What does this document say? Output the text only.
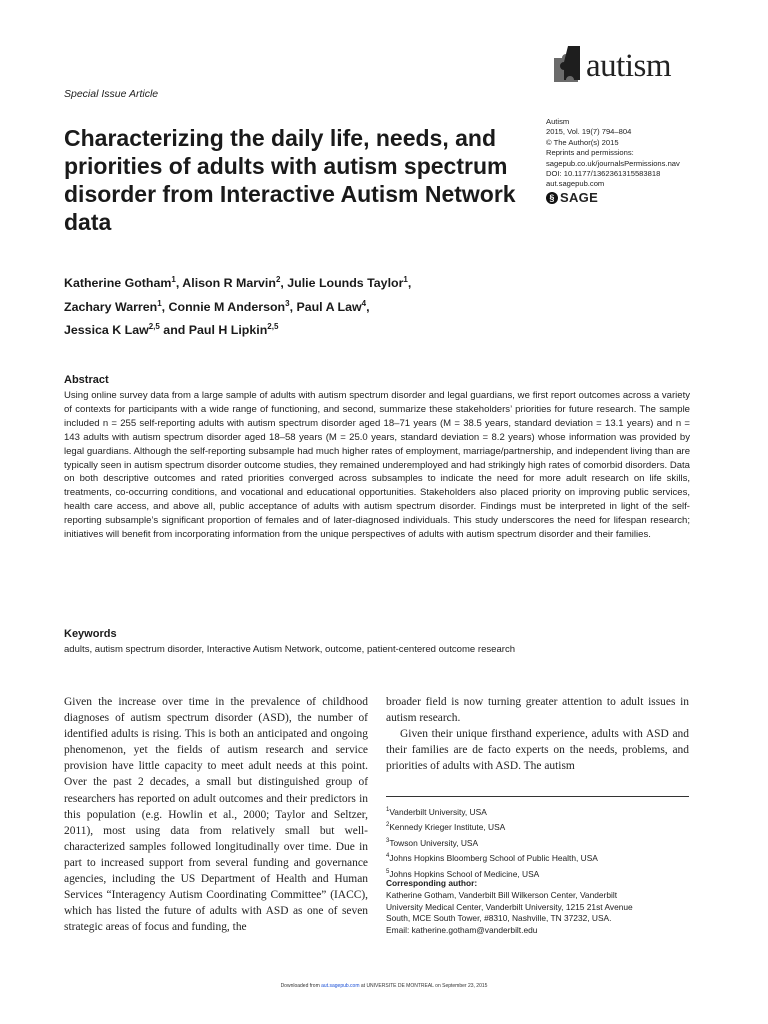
Special Issue Article
autism
Characterizing the daily life, needs, and priorities of adults with autism spectrum disorder from Interactive Autism Network data
Autism
2015, Vol. 19(7) 794–804
© The Author(s) 2015
Reprints and permissions:
sagepub.co.uk/journalsPermissions.nav
DOI: 10.1177/1362361315583818
aut.sagepub.com
§ SAGE
Katherine Gotham$^1$, Alison R Marvin$^2$, Julie Lounds Taylor$^1$,
Zachary Warren$^1$, Connie M Anderson$^3$, Paul A Law$^4$,
Jessica K Law$^{2,5}$ and Paul H Lipkin$^{2,5}$
Abstract
Using online survey data from a large sample of adults with autism spectrum disorder and legal guardians, we first report outcomes across a variety of contexts for participants with a wide range of functioning, and second, summarize these stakeholders’ priorities for future research. The sample included n = 255 self-reporting adults with autism spectrum disorder aged 18–71 years (M = 38.5 years, standard deviation = 13.1 years) and n = 143 adults with autism spectrum disorder aged 18–58 years (M = 25.0 years, standard deviation = 8.2 years) whose information was provided by legal guardians. Although the self-reporting subsample had much higher rates of employment, marriage/partnership, and independent living than are typically seen in autism spectrum disorder outcome studies, they remained underemployed and had strikingly high rates of comorbid disorders. Data on both descriptive outcomes and rated priorities converged across subsamples to indicate the need for more adult research on life skills, treatments, co-occurring conditions, and vocational and educational opportunities. Stakeholders also placed priority on improving public services, health care access, and above all, public acceptance of adults with autism spectrum disorder. Findings must be interpreted in light of the self-reporting subsample’s significant proportion of females and of later-diagnosed individuals. This study underscores the need for lifespan research; initiatives will benefit from incorporating information from the unique perspectives of adults with autism spectrum disorder and their families.
Keywords
adults, autism spectrum disorder, Interactive Autism Network, outcome, patient-centered outcome research

Given the increase over time in the prevalence of childhood diagnoses of autism spectrum disorder (ASD), the number of identified adults is rising. This is both an anticipated and ongoing phenomenon, yet the fields of autism research and service provision have little capacity to meet adult needs at this point. Over the past 2 decades, a small but distinguished group of researchers has reported on adult outcomes and their predictors in this population (e.g. Howlin et al., 2000; Taylor and Seltzer, 2011), most using data from relatively small but well-characterized samples followed longitudinally over time. Due in part to increased support from several funding and governance agencies, including the US Department of Health and Human Services “Interagency Autism Coordinating Committee” (IACC), which has listed the future of adults with ASD as one of seven strategic areas of focus and funding, the

broader field is now turning greater attention to adult issues in autism research.

Given their unique firsthand experience, adults with ASD and their families are de facto experts on the needs, problems, and priorities of adults with ASD. The autism

$^1$Vanderbilt University, USA
$^2$Kennedy Krieger Institute, USA
$^3$Towson University, USA
$^4$Johns Hopkins Bloomberg School of Public Health, USA
$^5$Johns Hopkins School of Medicine, USA
Corresponding author:
Katherine Gotham, Vanderbilt Bill Wilkerson Center, Vanderbilt
University Medical Center, Vanderbilt University, 1215 21st Avenue
South, MCE South Tower, #8310, Nashville, TN 37232, USA.
Email: katherine.gotham@vanderbilt.edu
Downloaded from aut.sagepub.com at UNIVERSITE DE MONTREAL on September 23, 2015
